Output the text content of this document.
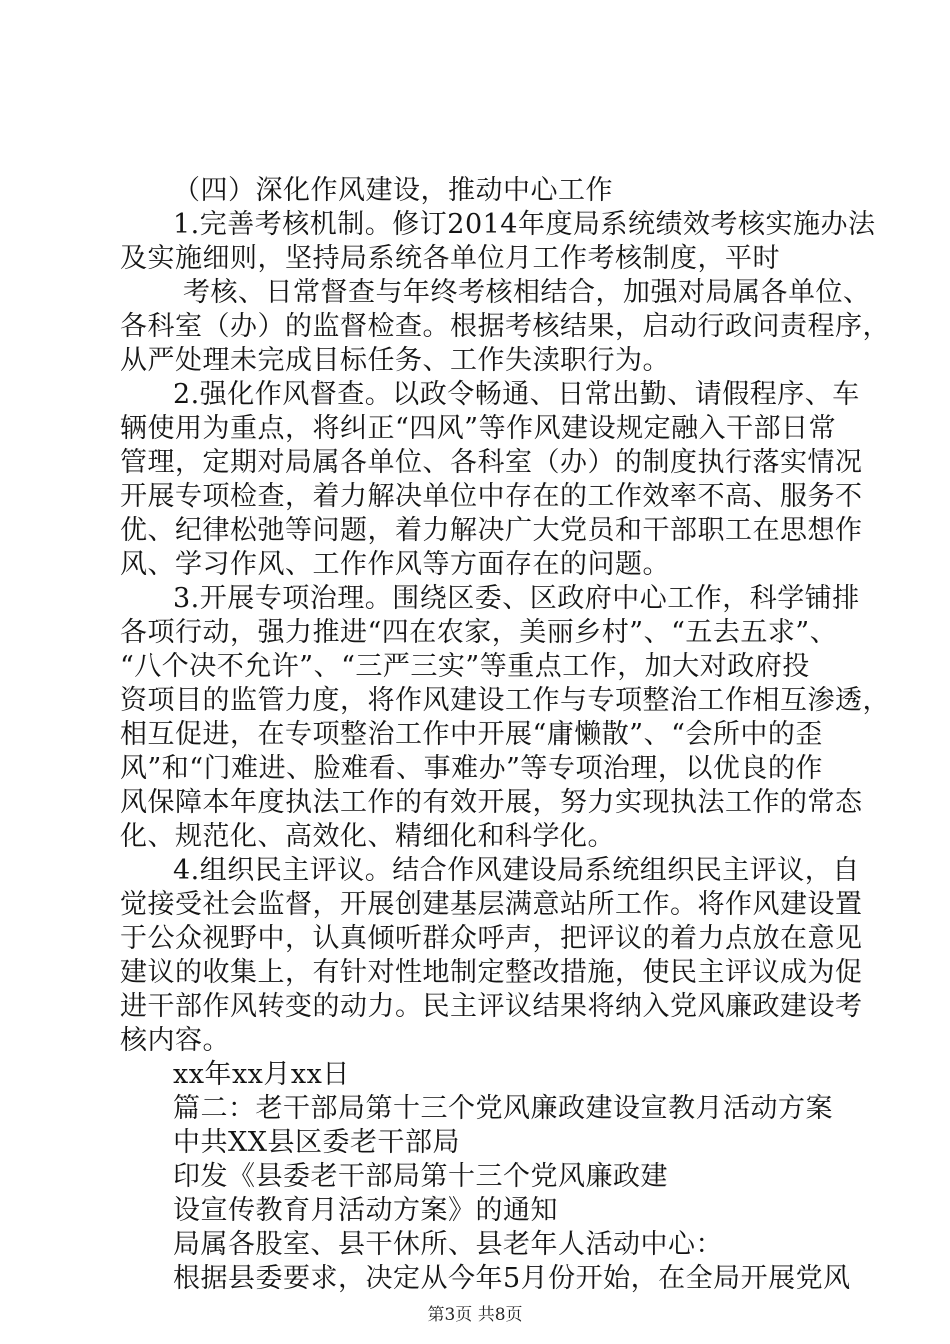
（四）深化作风建设，推动中心工作
1.完善考核机制。修订2014年度局系统绩效考核实施办法
及实施细则，坚持局系统各单位月工作考核制度，平时
考核、日常督查与年终考核相结合，加强对局属各单位、
各科室（办）的监督检查。根据考核结果，启动行政问责程序，
从严处理未完成目标任务、工作失渎职行为。
2.强化作风督查。以政令畅通、日常出勤、请假程序、车
辆使用为重点，将纠正“四风”等作风建设规定融入干部日常
管理，定期对局属各单位、各科室（办）的制度执行落实情况
开展专项检查，着力解决单位中存在的工作效率不高、服务不
优、纪律松弛等问题，着力解决广大党员和干部职工在思想作
风、学习作风、工作作风等方面存在的问题。
3.开展专项治理。围绕区委、区政府中心工作，科学铺排
各项行动，强力推进“四在农家，美丽乡村”、“五去五求”、
“八个决不允许”、“三严三实”等重点工作，加大对政府投
资项目的监管力度，将作风建设工作与专项整治工作相互渗透，
相互促进，在专项整治工作中开展“庸懒散”、“会所中的歪
风”和“门难进、脸难看、事难办”等专项治理，以优良的作
风保障本年度执法工作的有效开展，努力实现执法工作的常态
化、规范化、高效化、精细化和科学化。
4.组织民主评议。结合作风建设局系统组织民主评议，自
觉接受社会监督，开展创建基层满意站所工作。将作风建设置
于公众视野中，认真倾听群众呼声，把评议的着力点放在意见
建议的收集上，有针对性地制定整改措施，使民主评议成为促
进干部作风转变的动力。民主评议结果将纳入党风廉政建设考
核内容。
xx年xx月xx日
篇二：老干部局第十三个党风廉政建设宣教月活动方案
中共XX县区委老干部局
印发《县委老干部局第十三个党风廉政建
设宣传教育月活动方案》的通知
局属各股室、县干休所、县老年人活动中心：
根据县委要求，决定从今年5月份开始，在全局开展党风
第3页 共8页
